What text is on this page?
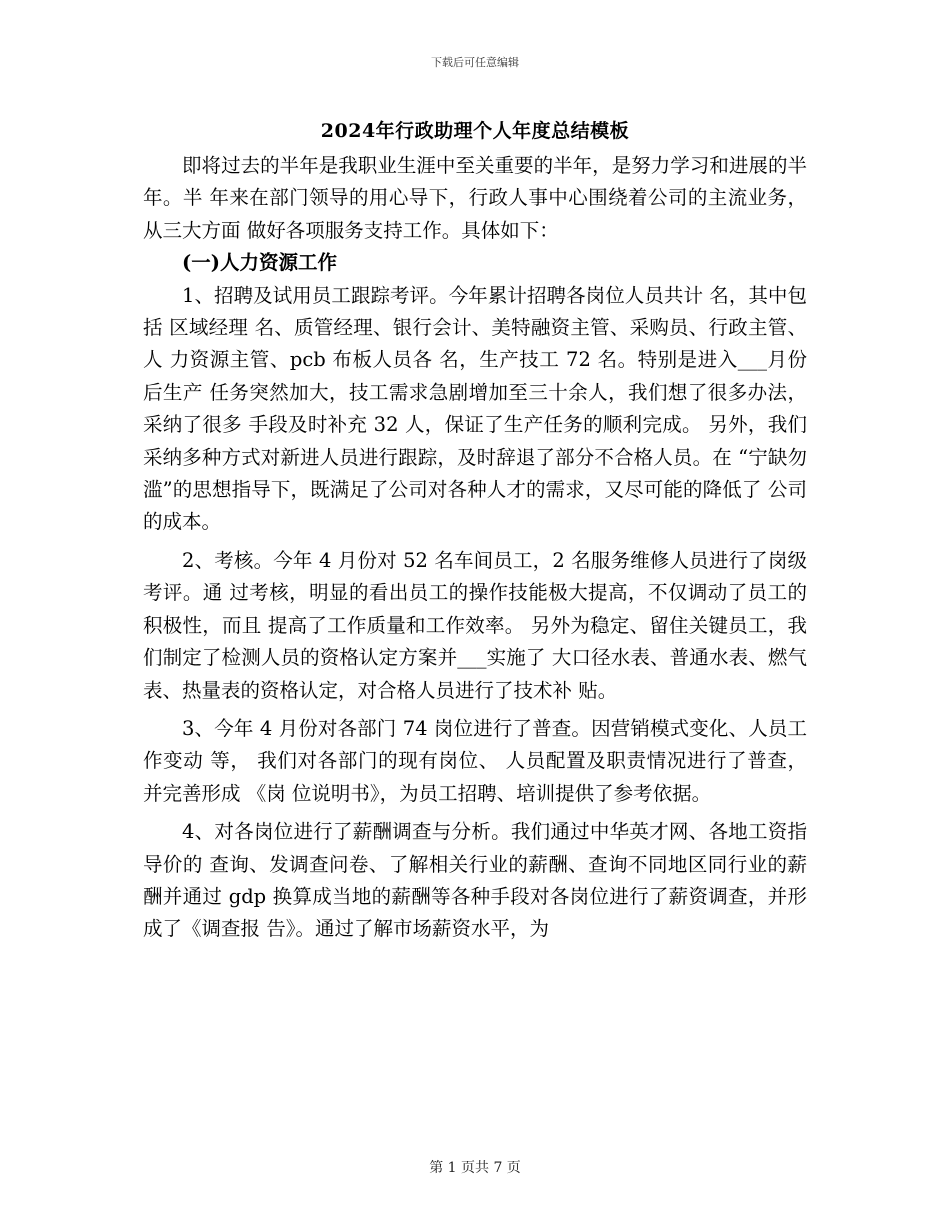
下载后可任意编辑
2024年行政助理个人年度总结模板

即将过去的半年是我职业生涯中至关重要的半年，是努力学习和进展的半年。半 年来在部门领导的用心导下，行政人事中心围绕着公司的主流业务，从三大方面 做好各项服务支持工作。具体如下：

(一)人力资源工作

1、招聘及试用员工跟踪考评。今年累计招聘各岗位人员共计 名，其中包括 区域经理 名、质管经理、银行会计、美特融资主管、采购员、行政主管、人 力资源主管、pcb 布板人员各 名，生产技工 72 名。特别是进入___月份后生产 任务突然加大，技工需求急剧增加至三十余人，我们想了很多办法，采纳了很多 手段及时补充 32 人，保证了生产任务的顺利完成。 另外，我们采纳多种方式对新进人员进行跟踪，及时辞退了部分不合格人员。在 “宁缺勿滥”的思想指导下，既满足了公司对各种人才的需求，又尽可能的降低了 公司的成本。

2、考核。今年 4 月份对 52 名车间员工，2 名服务维修人员进行了岗级考评。通 过考核，明显的看出员工的操作技能极大提高，不仅调动了员工的积极性，而且 提高了工作质量和工作效率。 另外为稳定、留住关键员工，我们制定了检测人员的资格认定方案并___实施了 大口径水表、普通水表、燃气表、热量表的资格认定，对合格人员进行了技术补 贴。

3、今年 4 月份对各部门 74 岗位进行了普查。因营销模式变化、人员工作变动 等， 我们对各部门的现有岗位、 人员配置及职责情况进行了普查， 并完善形成 《岗 位说明书》，为员工招聘、培训提供了参考依据。

4、对各岗位进行了薪酬调查与分析。我们通过中华英才网、各地工资指导价的 查询、发调查问卷、了解相关行业的薪酬、查询不同地区同行业的薪酬并通过 gdp 换算成当地的薪酬等各种手段对各岗位进行了薪资调查，并形成了《调查报 告》。通过了解市场薪资水平，为

第 1 页共 7 页
